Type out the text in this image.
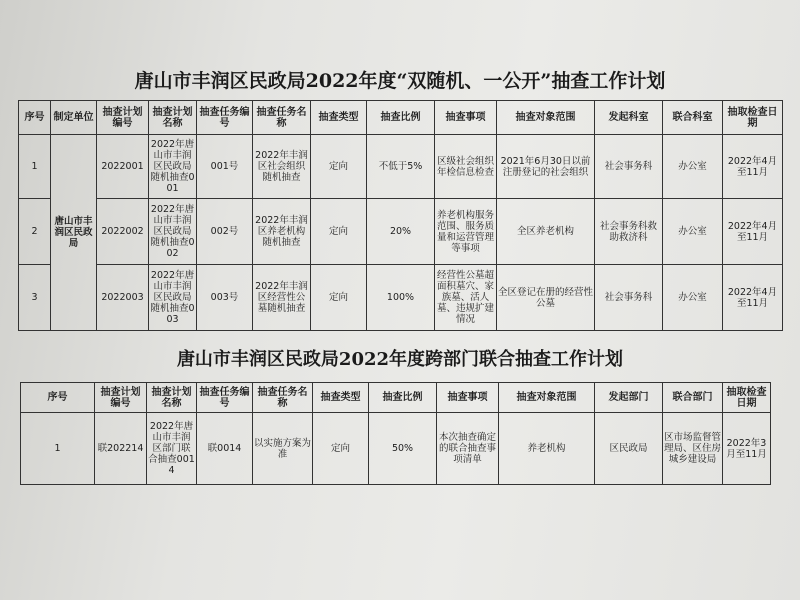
唐山市丰润区民政局2022年度“双随机、一公开”抽查工作计划
序号	制定单位	抽查计划编号	抽查计划名称	抽查任务编号	抽查任务名称	抽查类型	抽查比例	抽查事项	抽查对象范围	发起科室	联合科室	抽取检查日期
1	唐山市丰润区民政局	2022001	2022年唐山市丰润区民政局随机抽查001	001号	2022年丰润区社会组织随机抽查	定向	不低于5%	区级社会组织年检信息检查	2021年6月30日以前注册登记的社会组织	社会事务科	办公室	2022年4月至11月
2		2022002	2022年唐山市丰润区民政局随机抽查002	002号	2022年丰润区养老机构随机抽查	定向	20%	养老机构服务范围、服务质量和运营管理等事项	全区养老机构	社会事务科救助救济科	办公室	2022年4月至11月
3		2022003	2022年唐山市丰润区民政局随机抽查003	003号	2022年丰润区经营性公墓随机抽查	定向	100%	经营性公墓超面积墓穴、家族墓、活人墓、违规扩建情况	全区登记在册的经营性公墓	社会事务科	办公室	2022年4月至11月
唐山市丰润区民政局2022年度跨部门联合抽查工作计划
序号	抽查计划编号	抽查计划名称	抽查任务编号	抽查任务名称	抽查类型	抽查比例	抽查事项	抽查对象范围	发起部门	联合部门	抽取检查日期
1	联202214	2022年唐山市丰润区部门联合抽查0014	联0014	以实施方案为准	定向	50%	本次抽查确定的联合抽查事项清单	养老机构	区民政局	区市场监督管理局、区住房城乡建设局	2022年3月至11月
